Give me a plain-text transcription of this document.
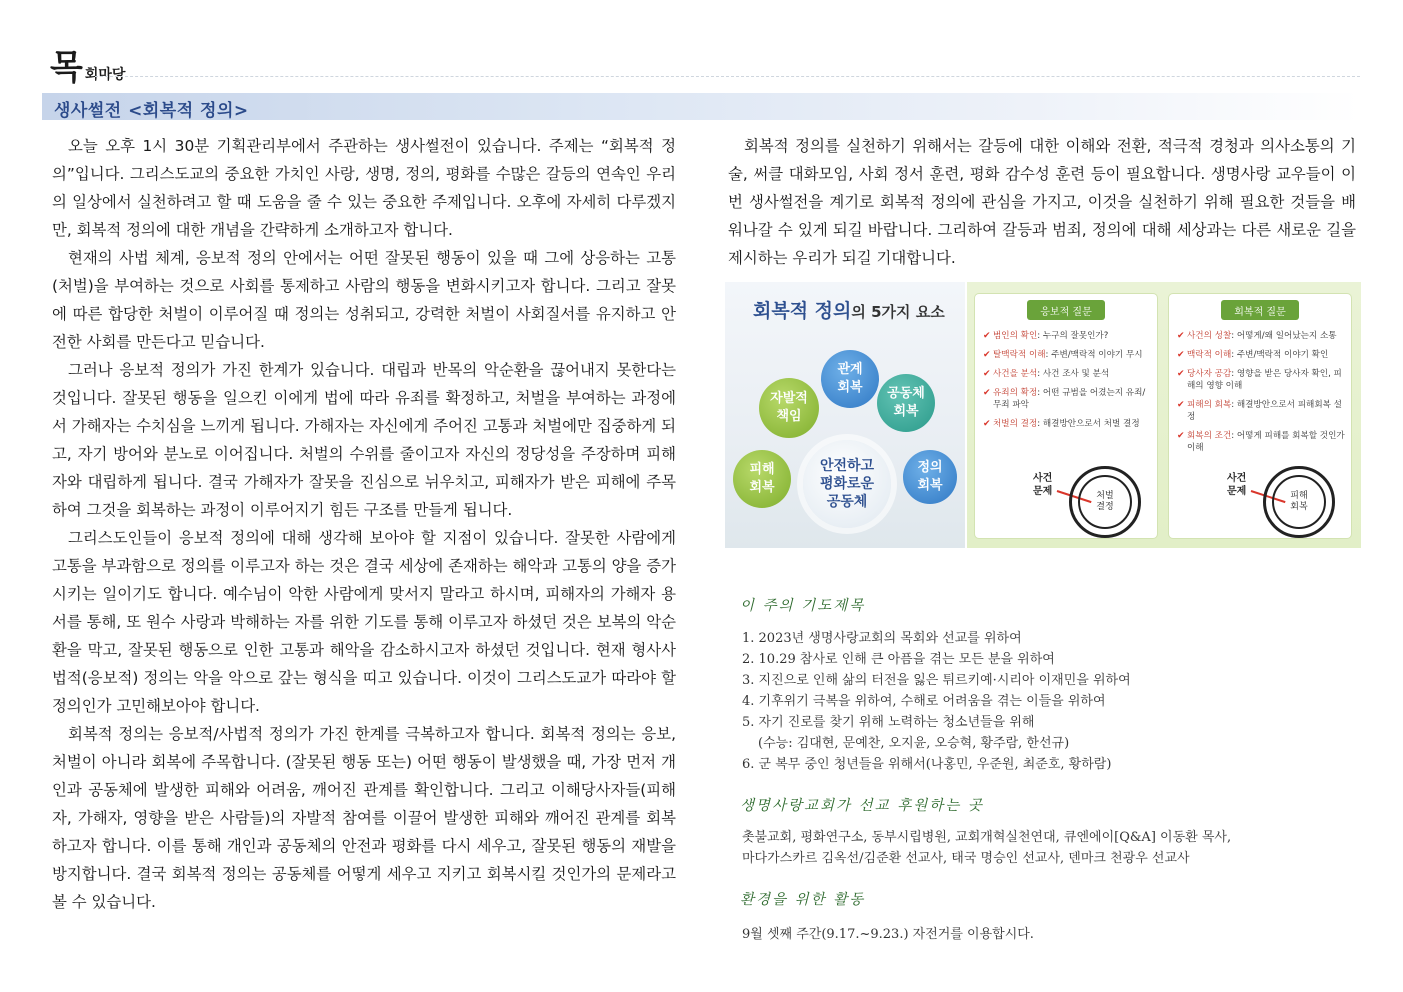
목 회마당
생사썰전 <회복적 정의>

오늘 오후 1시 30분 기획관리부에서 주관하는 생사썰전이 있습니다. 주제는 “회복적 정의”입니다. 그리스도교의 중요한 가치인 사랑, 생명, 정의, 평화를 수많은 갈등의 연속인 우리의 일상에서 실천하려고 할 때 도움을 줄 수 있는 중요한 주제입니다. 오후에 자세히 다루겠지만, 회복적 정의에 대한 개념을 간략하게 소개하고자 합니다.

현재의 사법 체계, 응보적 정의 안에서는 어떤 잘못된 행동이 있을 때 그에 상응하는 고통(처벌)을 부여하는 것으로 사회를 통제하고 사람의 행동을 변화시키고자 합니다. 그리고 잘못에 따른 합당한 처벌이 이루어질 때 정의는 성취되고, 강력한 처벌이 사회질서를 유지하고 안전한 사회를 만든다고 믿습니다.

그러나 응보적 정의가 가진 한계가 있습니다. 대립과 반목의 악순환을 끊어내지 못한다는 것입니다. 잘못된 행동을 일으킨 이에게 법에 따라 유죄를 확정하고, 처벌을 부여하는 과정에서 가해자는 수치심을 느끼게 됩니다. 가해자는 자신에게 주어진 고통과 처벌에만 집중하게 되고, 자기 방어와 분노로 이어집니다. 처벌의 수위를 줄이고자 자신의 정당성을 주장하며 피해자와 대립하게 됩니다. 결국 가해자가 잘못을 진심으로 뉘우치고, 피해자가 받은 피해에 주목하여 그것을 회복하는 과정이 이루어지기 힘든 구조를 만들게 됩니다.

그리스도인들이 응보적 정의에 대해 생각해 보아야 할 지점이 있습니다. 잘못한 사람에게 고통을 부과함으로 정의를 이루고자 하는 것은 결국 세상에 존재하는 해악과 고통의 양을 증가시키는 일이기도 합니다. 예수님이 악한 사람에게 맞서지 말라고 하시며, 피해자의 가해자 용서를 통해, 또 원수 사랑과 박해하는 자를 위한 기도를 통해 이루고자 하셨던 것은 보복의 악순환을 막고, 잘못된 행동으로 인한 고통과 해악을 감소하시고자 하셨던 것입니다. 현재 형사사법적(응보적) 정의는 악을 악으로 갚는 형식을 띠고 있습니다. 이것이 그리스도교가 따라야 할 정의인가 고민해보아야 합니다.

회복적 정의는 응보적/사법적 정의가 가진 한계를 극복하고자 합니다. 회복적 정의는 응보, 처벌이 아니라 회복에 주목합니다. (잘못된 행동 또는) 어떤 행동이 발생했을 때, 가장 먼저 개인과 공동체에 발생한 피해와 어려움, 깨어진 관계를 확인합니다. 그리고 이해당사자들(피해자, 가해자, 영향을 받은 사람들)의 자발적 참여를 이끌어 발생한 피해와 깨어진 관계를 회복하고자 합니다. 이를 통해 개인과 공동체의 안전과 평화를 다시 세우고, 잘못된 행동의 재발을 방지합니다. 결국 회복적 정의는 공동체를 어떻게 세우고 지키고 회복시킬 것인가의 문제라고 볼 수 있습니다.

회복적 정의를 실천하기 위해서는 갈등에 대한 이해와 전환, 적극적 경청과 의사소통의 기술, 써클 대화모임, 사회 정서 훈련, 평화 감수성 훈련 등이 필요합니다. 생명사랑 교우들이 이번 생사썰전을 계기로 회복적 정의에 관심을 가지고, 이것을 실천하기 위해 필요한 것들을 배워나갈 수 있게 되길 바랍니다. 그리하여 갈등과 범죄, 정의에 대해 세상과는 다른 새로운 길을 제시하는 우리가 되길 기대합니다.

회복적 정의의 5가지 요소
관계
회복
자발적
책임
공동체
회복
피해
회복
정의
회복
안전하고
평화로운
공동체
응보적 질문
✔ 범인의 확인: 누구의 잘못인가?
✔ 탈맥락적 이해: 주변/맥락적 이야기 무시
✔ 사건을 분석: 사건 조사 및 분석
✔ 유죄의 확정: 어떤 규범을 어겼는지 유죄/무죄 파악
✔ 처벌의 결정: 해결방안으로서 처벌 결정
사건
문제	처벌
결정
회복적 질문
✔ 사건의 성찰: 어떻게/왜 일어났는지 소통
✔ 맥락적 이해: 주변/맥락적 이야기 확인
✔ 당사자 공감: 영향을 받은 당사자 확인, 피해의 영향 이해
✔ 피해의 회복: 해결방안으로서 피해회복 설정
✔ 회복의 조건: 어떻게 피해를 회복할 것인가 이해
사건
문제	피해
회복
이 주의 기도제목
1. 2023년 생명사랑교회의 목회와 선교를 위하여
2. 10.29 참사로 인해 큰 아픔을 겪는 모든 분을 위하여
3. 지진으로 인해 삶의 터전을 잃은 튀르키예·시리아 이재민을 위하여
4. 기후위기 극복을 위하여, 수해로 어려움을 겪는 이들을 위하여
5. 자기 진로를 찾기 위해 노력하는 청소년들을 위해
(수능: 김대현, 문예찬, 오지윤, 오승혁, 황주람, 한선규)
6. 군 복무 중인 청년들을 위해서(나홍민, 우준원, 최준호, 황하람)
생명사랑교회가 선교 후원하는 곳
촛불교회, 평화연구소, 동부시립병원, 교회개혁실천연대, 큐엔에이[Q&A] 이동환 목사,
마다가스카르 김옥선/김준환 선교사, 태국 명승인 선교사, 덴마크 천광우 선교사
환경을 위한 활동
9월 셋째 주간(9.17.~9.23.) 자전거를 이용합시다.
